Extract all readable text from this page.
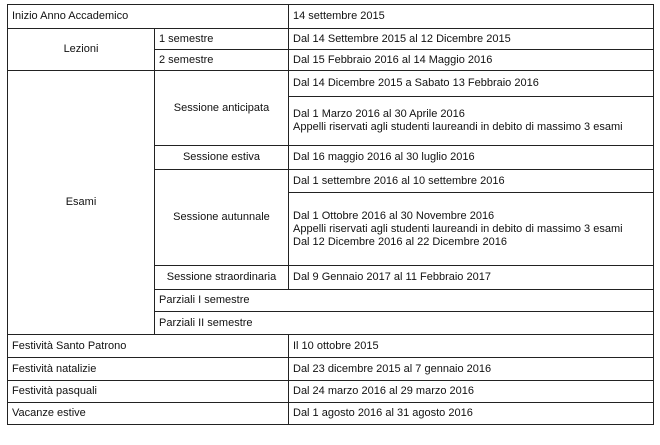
Inizio Anno Accademico		14 settembre 2015	
Lezioni	1 semestre	Dal 14 Settembre 2015 al 12 Dicembre 2015	
	2 semestre	Dal 15 Febbraio 2016 al 14 Maggio 2016	
Esami	Sessione anticipata	Dal 14 Dicembre 2015 a Sabato 13 Febbraio 2016	

		Dal 1 Marzo 2016 al 30 Aprile 2016
Appelli riservati agli studenti laureandi in debito di massimo 3 esami	

	Sessione estiva	Dal 16 maggio 2016 al 30 luglio 2016	
	Sessione autunnale	Dal 1 settembre 2016 al 10 settembre 2016	

		Dal 1 Ottobre 2016 al 30 Novembre 2016
Appelli riservati agli studenti laureandi in debito di massimo 3 esami
Dal 12 Dicembre 2016 al 22 Dicembre 2016	

	Sessione straordinaria	Dal 9 Gennaio 2017 al 11 Febbraio 2017	
	Parziali I semestre	
	Parziali II semestre	
Festività Santo Patrono		Il 10 ottobre 2015	
Festività natalizie		Dal 23 dicembre 2015 al 7 gennaio 2016	
Festività pasquali		Dal 24 marzo 2016 al 29 marzo 2016	
Vacanze estive		Dal 1 agosto 2016 al 31 agosto 2016	
